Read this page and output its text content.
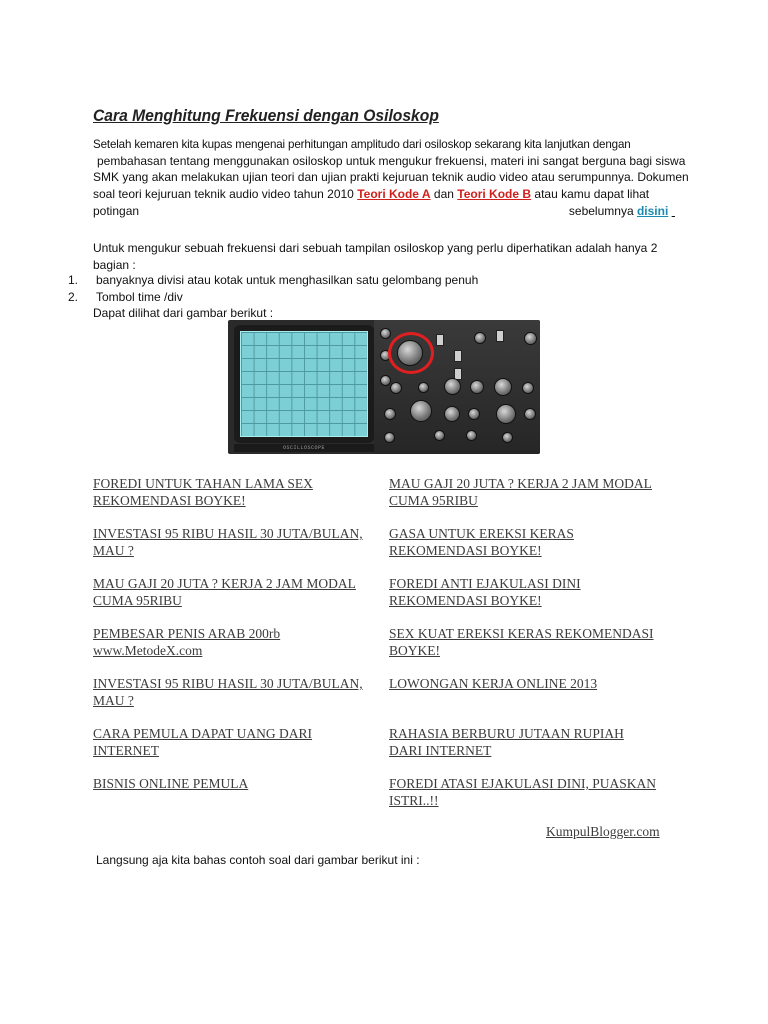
Cara Menghitung Frekuensi dengan Osiloskop
Setelah kemaren kita kupas mengenai perhitungan amplitudo dari osiloskop sekarang kita lanjutkan dengan
pembahasan tentang menggunakan osiloskop untuk mengukur frekuensi, materi ini sangat berguna bagi siswa
SMK yang akan melakukan ujian teori dan ujian prakti kejuruan teknik audio video atau serumpunnya. Dokumen
soal teori kejuruan teknik audio video tahun 2010 Teori Kode A dan Teori Kode B atau kamu dapat lihat
potingan	sebelumnya disini
Untuk mengukur sebuah frekuensi dari sebuah tampilan osiloskop yang perlu diperhatikan adalah hanya 2
bagian :
1. banyaknya divisi atau kotak untuk menghasilkan satu gelombang penuh
2. Tombol time /div
Dapat dilihat dari gambar berikut :
OSCILLOSCOPE
FOREDI UNTUK TAHAN LAMA SEX REKOMENDASI BOYKE!
INVESTASI 95 RIBU HASIL 30 JUTA/BULAN, MAU ?
MAU GAJI 20 JUTA ? KERJA 2 JAM MODAL CUMA 95RIBU
PEMBESAR PENIS ARAB 200rb www.MetodeX.com
INVESTASI 95 RIBU HASIL 30 JUTA/BULAN, MAU ?
CARA PEMULA DAPAT UANG DARI INTERNET
BISNIS ONLINE PEMULA
MAU GAJI 20 JUTA ? KERJA 2 JAM MODAL CUMA 95RIBU
GASA UNTUK EREKSI KERAS REKOMENDASI BOYKE!
FOREDI ANTI EJAKULASI DINI REKOMENDASI BOYKE!
SEX KUAT EREKSI KERAS REKOMENDASI BOYKE!
LOWONGAN KERJA ONLINE 2013
RAHASIA BERBURU JUTAAN RUPIAH DARI INTERNET
FOREDI ATASI EJAKULASI DINI, PUASKAN ISTRI..!!
KumpulBlogger.com
Langsung aja kita bahas contoh soal dari gambar berikut ini :
